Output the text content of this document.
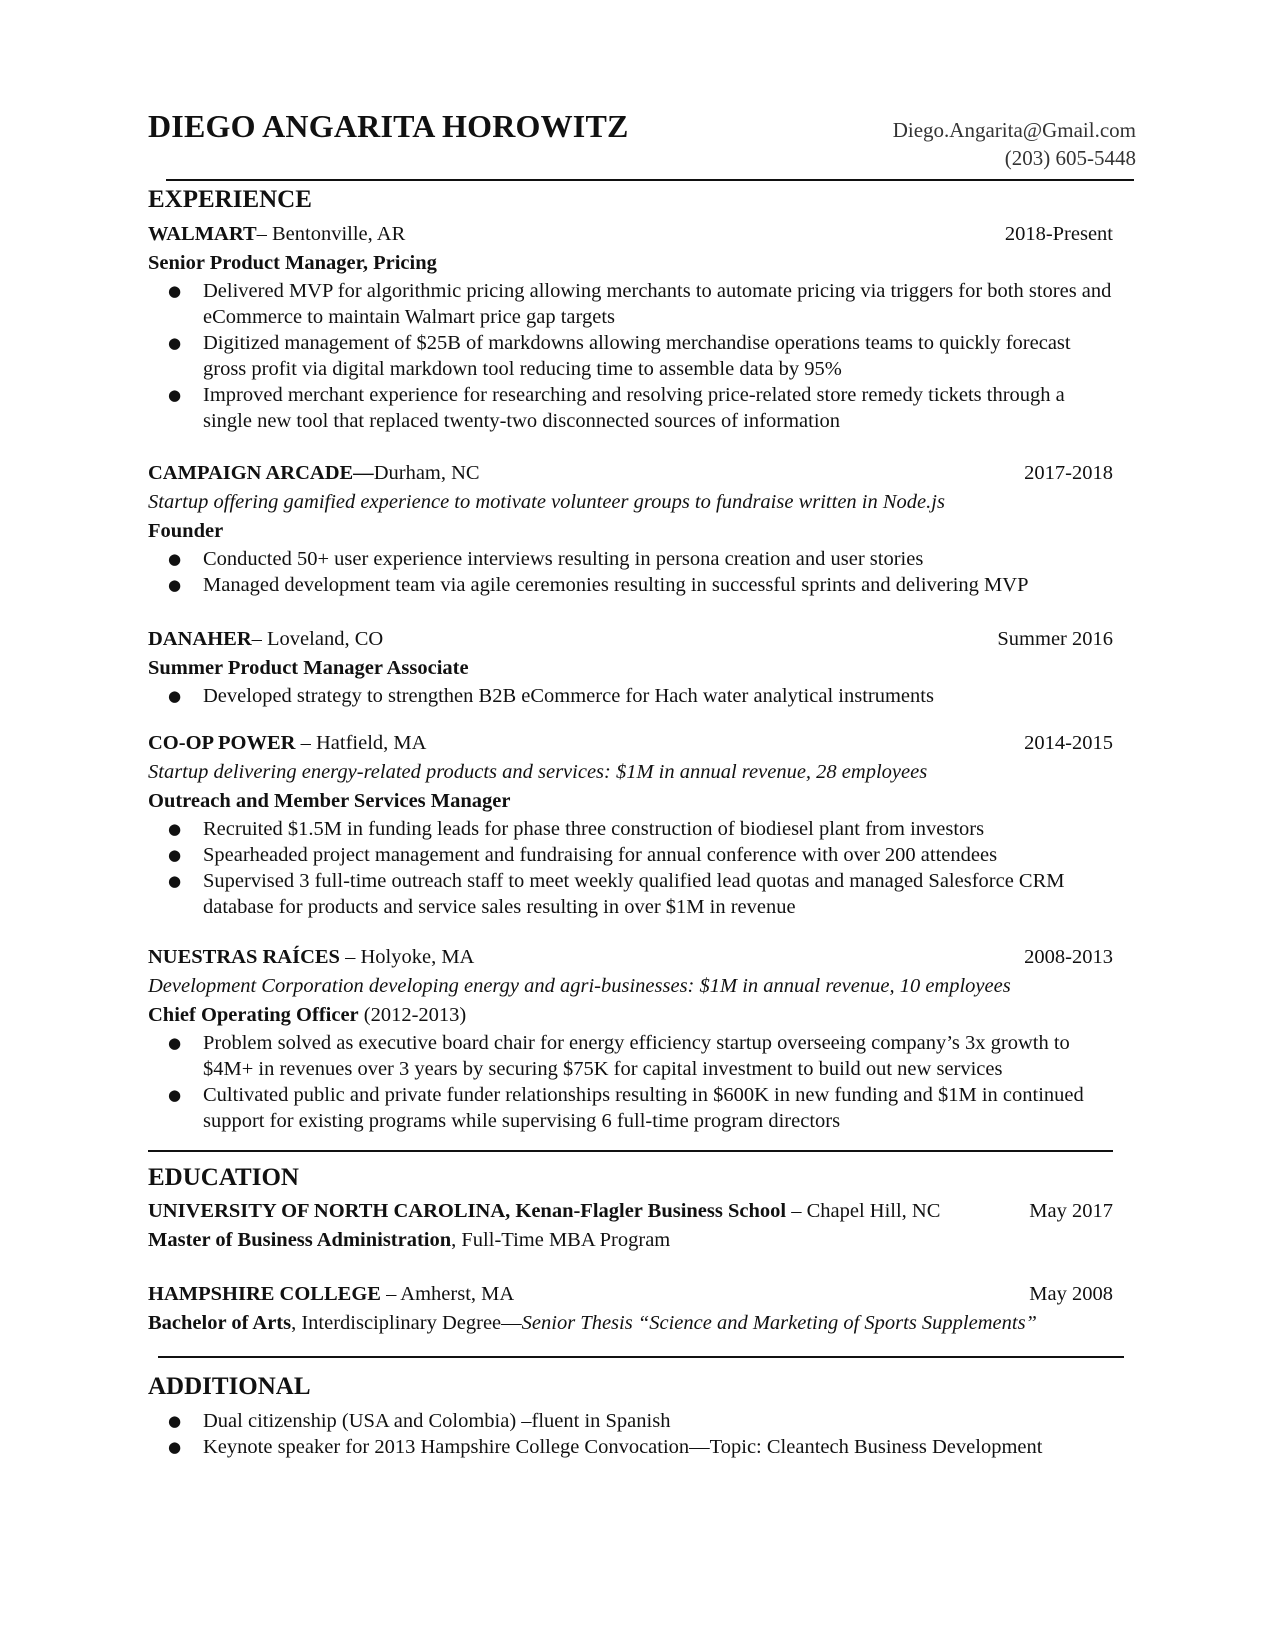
DIEGO ANGARITA HOROWITZ	Diego.Angarita@Gmail.com
(203) 605-5448
EXPERIENCE
WALMART– Bentonville, AR	2018-Present
Senior Product Manager, Pricing
● Delivered MVP for algorithmic pricing allowing merchants to automate pricing via triggers for both stores and eCommerce to maintain Walmart price gap targets
● Digitized management of $25B of markdowns allowing merchandise operations teams to quickly forecast gross profit via digital markdown tool reducing time to assemble data by 95%
● Improved merchant experience for researching and resolving price-related store remedy tickets through a single new tool that replaced twenty-two disconnected sources of information
CAMPAIGN ARCADE—Durham, NC	2017-2018
Startup offering gamified experience to motivate volunteer groups to fundraise written in Node.js
Founder
● Conducted 50+ user experience interviews resulting in persona creation and user stories
● Managed development team via agile ceremonies resulting in successful sprints and delivering MVP
DANAHER– Loveland, CO	Summer 2016
Summer Product Manager Associate
● Developed strategy to strengthen B2B eCommerce for Hach water analytical instruments
CO-OP POWER – Hatfield, MA	2014-2015
Startup delivering energy-related products and services: $1M in annual revenue, 28 employees
Outreach and Member Services Manager
● Recruited $1.5M in funding leads for phase three construction of biodiesel plant from investors
● Spearheaded project management and fundraising for annual conference with over 200 attendees
● Supervised 3 full-time outreach staff to meet weekly qualified lead quotas and managed Salesforce CRM database for products and service sales resulting in over $1M in revenue
NUESTRAS RAÍCES – Holyoke, MA	2008-2013
Development Corporation developing energy and agri-businesses: $1M in annual revenue, 10 employees
Chief Operating Officer (2012-2013)
● Problem solved as executive board chair for energy efficiency startup overseeing company’s 3x growth to $4M+ in revenues over 3 years by securing $75K for capital investment to build out new services
● Cultivated public and private funder relationships resulting in $600K in new funding and $1M in continued support for existing programs while supervising 6 full-time program directors
EDUCATION
UNIVERSITY OF NORTH CAROLINA, Kenan-Flagler Business School – Chapel Hill, NC	May 2017
Master of Business Administration, Full-Time MBA Program
HAMPSHIRE COLLEGE – Amherst, MA	May 2008
Bachelor of Arts, Interdisciplinary Degree—Senior Thesis “Science and Marketing of Sports Supplements”
ADDITIONAL
● Dual citizenship (USA and Colombia) –fluent in Spanish
● Keynote speaker for 2013 Hampshire College Convocation—Topic: Cleantech Business Development
